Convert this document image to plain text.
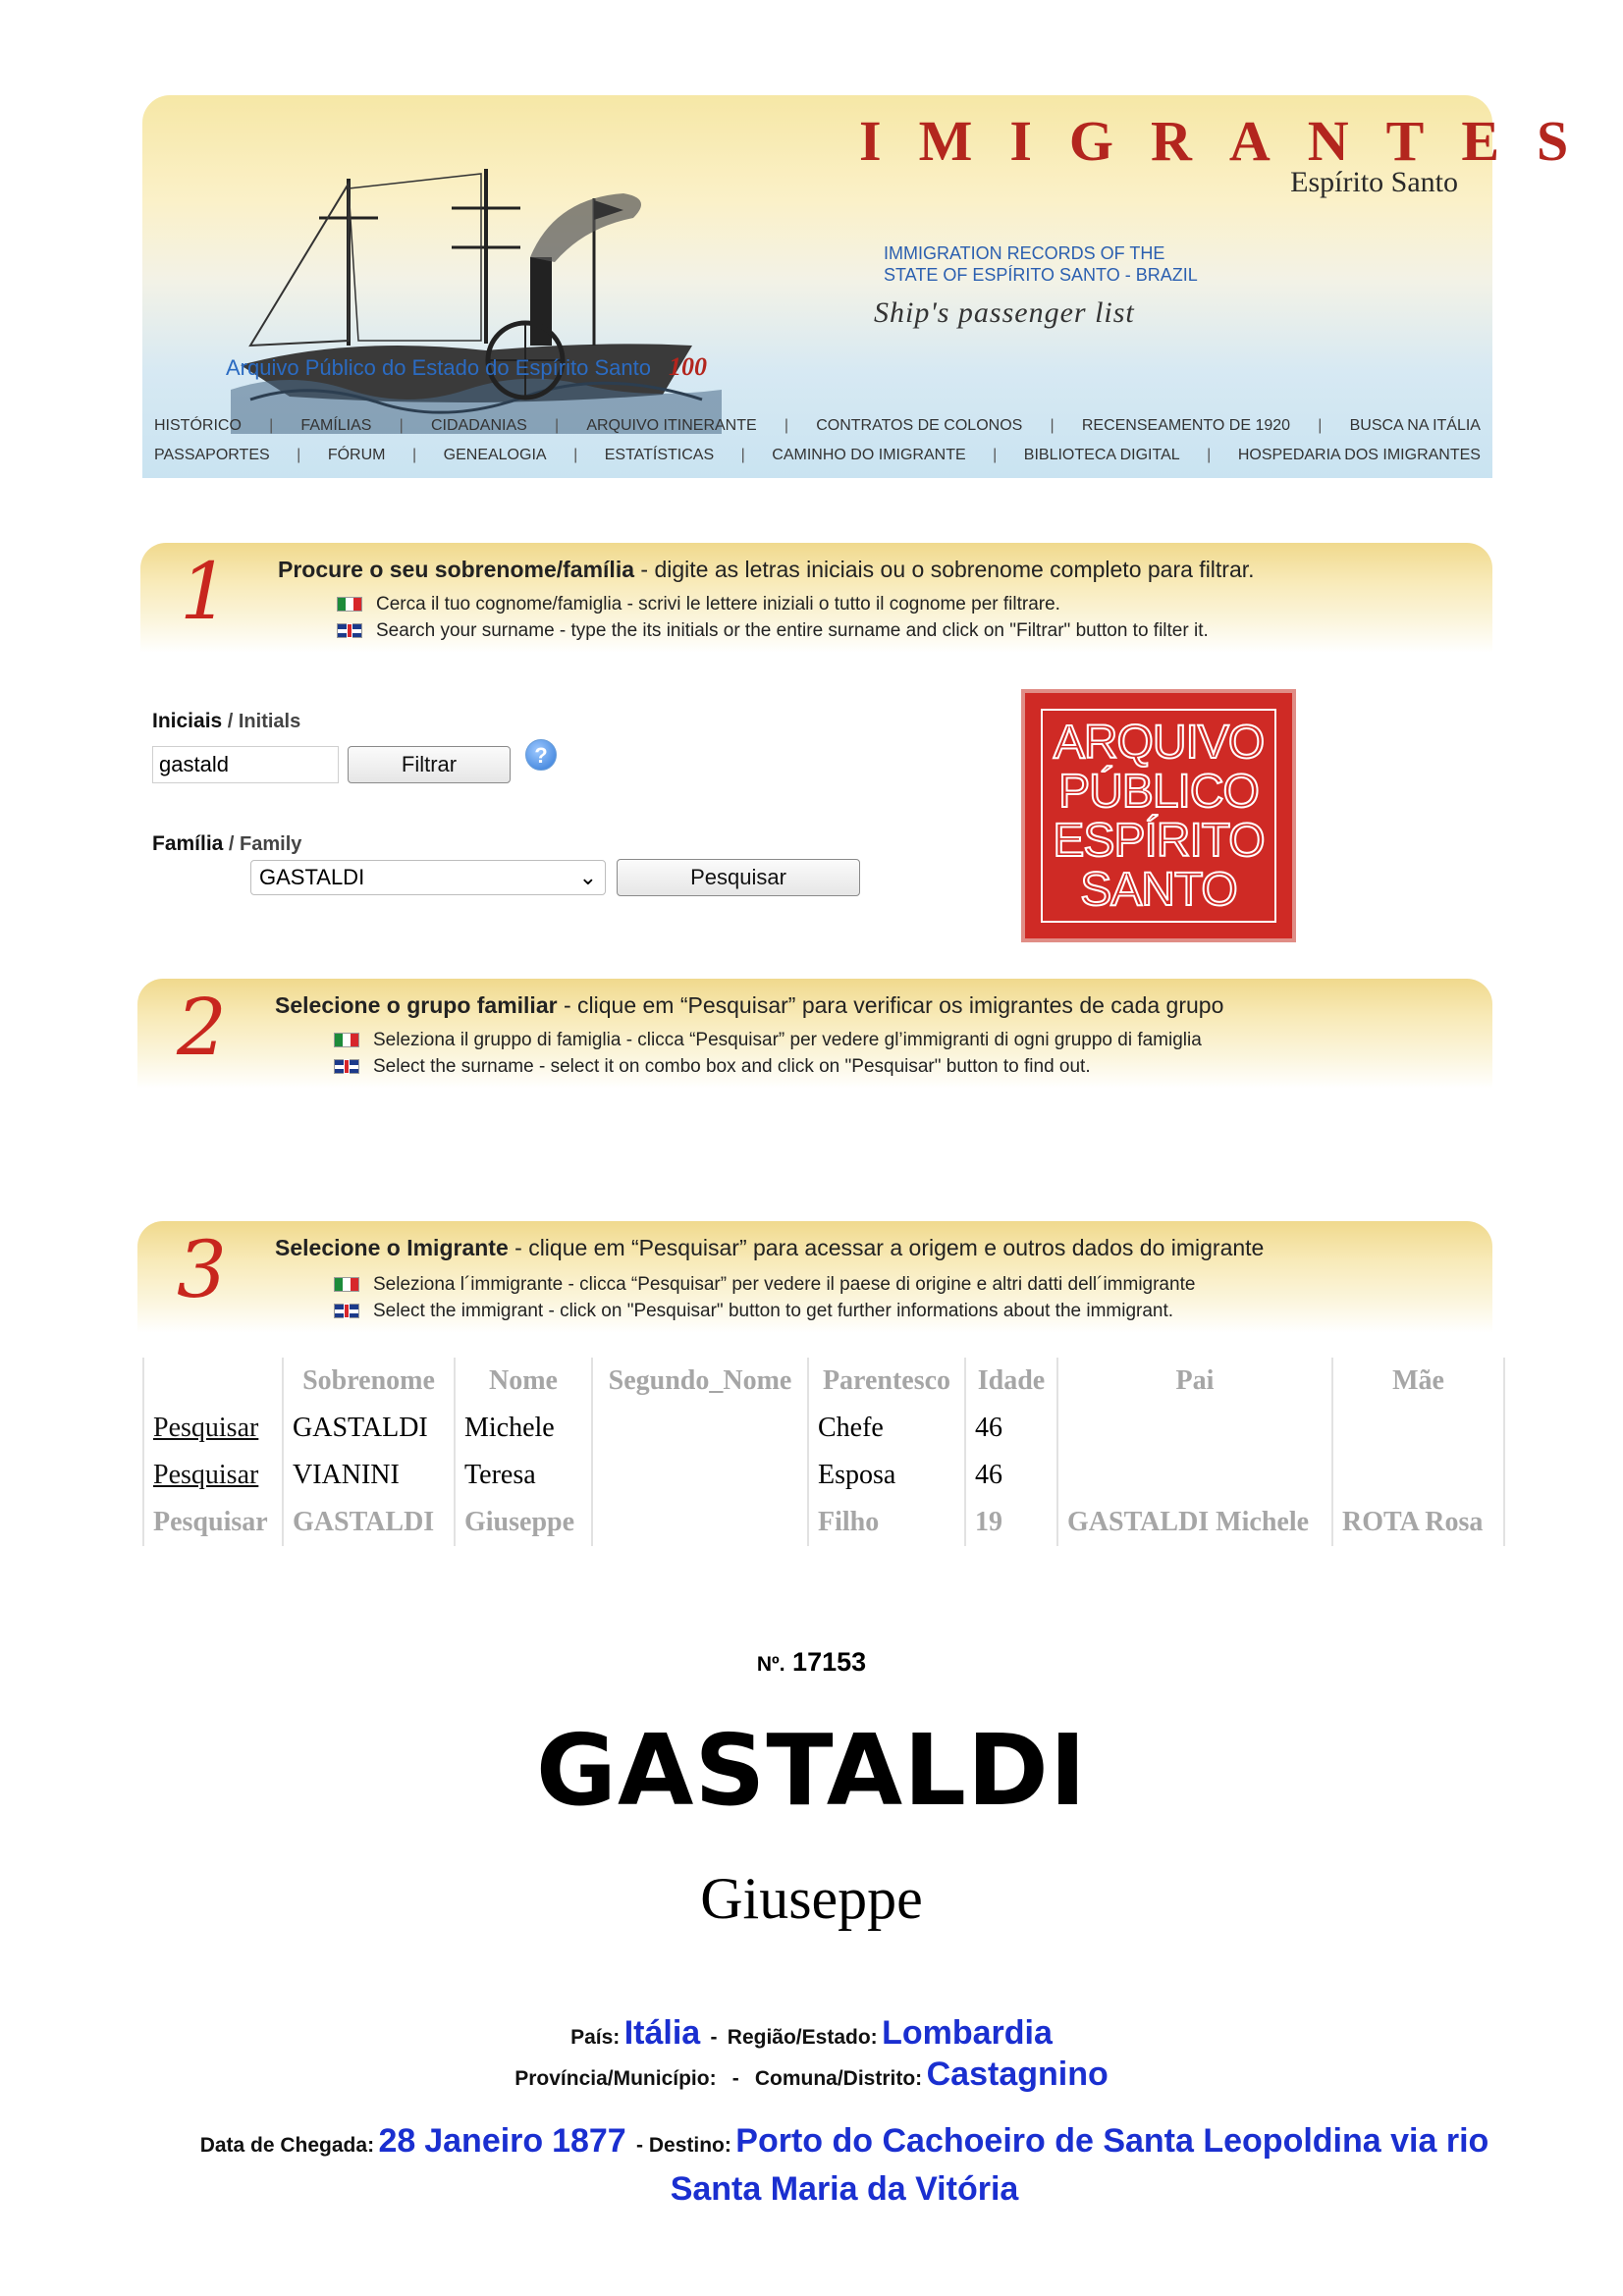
IMIGRANTES
Espírito Santo
IMMIGRATION RECORDS OF THE
STATE OF ESPÍRITO SANTO - BRAZIL
Ship's passenger list
Arquivo Público do Estado do Espírito Santo 100
HISTÓRICO | FAMÍLIAS | CIDADANIAS | ARQUIVO ITINERANTE | CONTRATOS DE COLONOS | RECENSEAMENTO DE 1920 | BUSCA NA ITÁLIA
PASSAPORTES | FÓRUM | GENEALOGIA | ESTATÍSTICAS | CAMINHO DO IMIGRANTE | BIBLIOTECA DIGITAL | HOSPEDARIA DOS IMIGRANTES
1 Procure o seu sobrenome/família - digite as letras iniciais ou o sobrenome completo para filtrar.
Cerca il tuo cognome/famiglia - scrivi le lettere iniziali o tutto il cognome per filtrare.
Search your surname - type the its initials or the entire surname and click on "Filtrar" button to filter it.
Iniciais / Initials
gastald	Filtrar	?
Família / Family
GASTALDI	⌄	Pesquisar
ARQUIVO
PÚBLICO
ESPÍRITO
SANTO
2 Selecione o grupo familiar - clique em “Pesquisar” para verificar os imigrantes de cada grupo
Seleziona il gruppo di famiglia - clicca “Pesquisar” per vedere gl’immigranti di ogni gruppo di famiglia
Select the surname - select it on combo box and click on "Pesquisar" button to find out.
3 Selecione o Imigrante - clique em “Pesquisar” para acessar a origem e outros dados do imigrante
Seleziona l´immigrante - clicca “Pesquisar” per vedere il paese di origine e altri datti dell´immigrante
Select the immigrant - click on "Pesquisar" button to get further informations about the immigrant.
	Sobrenome	Nome	Segundo_Nome	Parentesco	Idade	Pai	Mãe
Pesquisar	GASTALDI	Michele		Chefe	46		
Pesquisar	VIANINI	Teresa		Esposa	46		
Pesquisar	GASTALDI	Giuseppe		Filho	19	GASTALDI Michele	ROTA Rosa
Nº. 17153
GASTALDI
Giuseppe
País: Itália  -  Região/Estado: Lombardia
Província/Município:   -   Comuna/Distrito: Castagnino
Data de Chegada: 28 Janeiro 1877  - Destino: Porto do Cachoeiro de Santa Leopoldina via rio Santa Maria da Vitória
